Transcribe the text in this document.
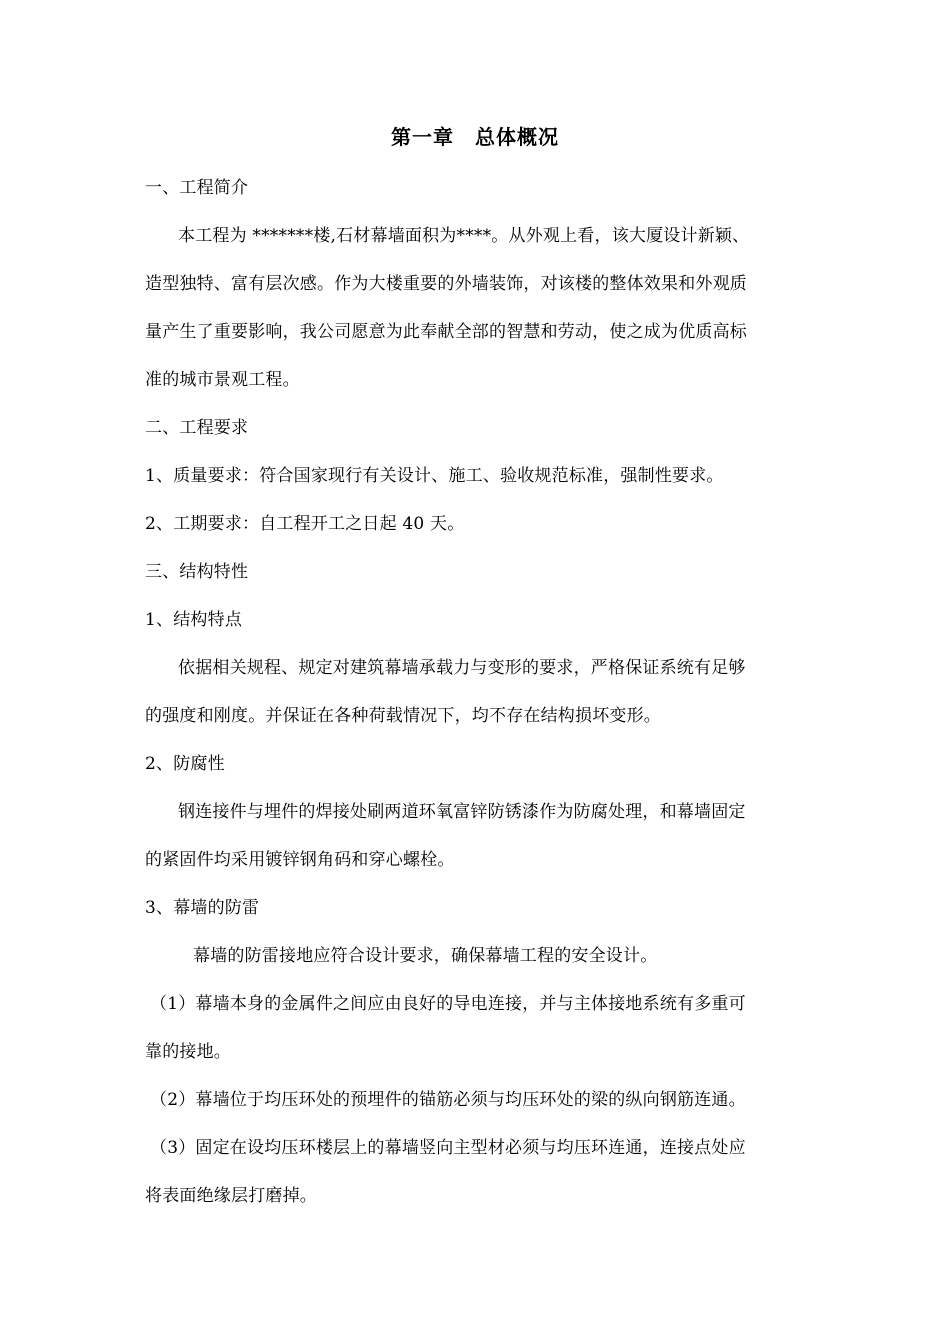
第一章　总体概况
一、工程简介
本工程为 *******楼,石材幕墙面积为****。从外观上看，该大厦设计新颖、
造型独特、富有层次感。作为大楼重要的外墙装饰，对该楼的整体效果和外观质
量产生了重要影响，我公司愿意为此奉献全部的智慧和劳动，使之成为优质高标
准的城市景观工程。
二、工程要求
1、质量要求：符合国家现行有关设计、施工、验收规范标准，强制性要求。
2、工期要求：自工程开工之日起 40 天。
三、结构特性
1、结构特点
依据相关规程、规定对建筑幕墙承载力与变形的要求，严格保证系统有足够
的强度和刚度。并保证在各种荷载情况下，均不存在结构损坏变形。
2、防腐性
钢连接件与埋件的焊接处刷两道环氧富锌防锈漆作为防腐处理，和幕墙固定
的紧固件均采用镀锌钢角码和穿心螺栓。
3、幕墙的防雷
幕墙的防雷接地应符合设计要求，确保幕墙工程的安全设计。
（1）幕墙本身的金属件之间应由良好的导电连接，并与主体接地系统有多重可
靠的接地。
（2）幕墙位于均压环处的预埋件的锚筋必须与均压环处的梁的纵向钢筋连通。
（3）固定在设均压环楼层上的幕墙竖向主型材必须与均压环连通，连接点处应
将表面绝缘层打磨掉。
